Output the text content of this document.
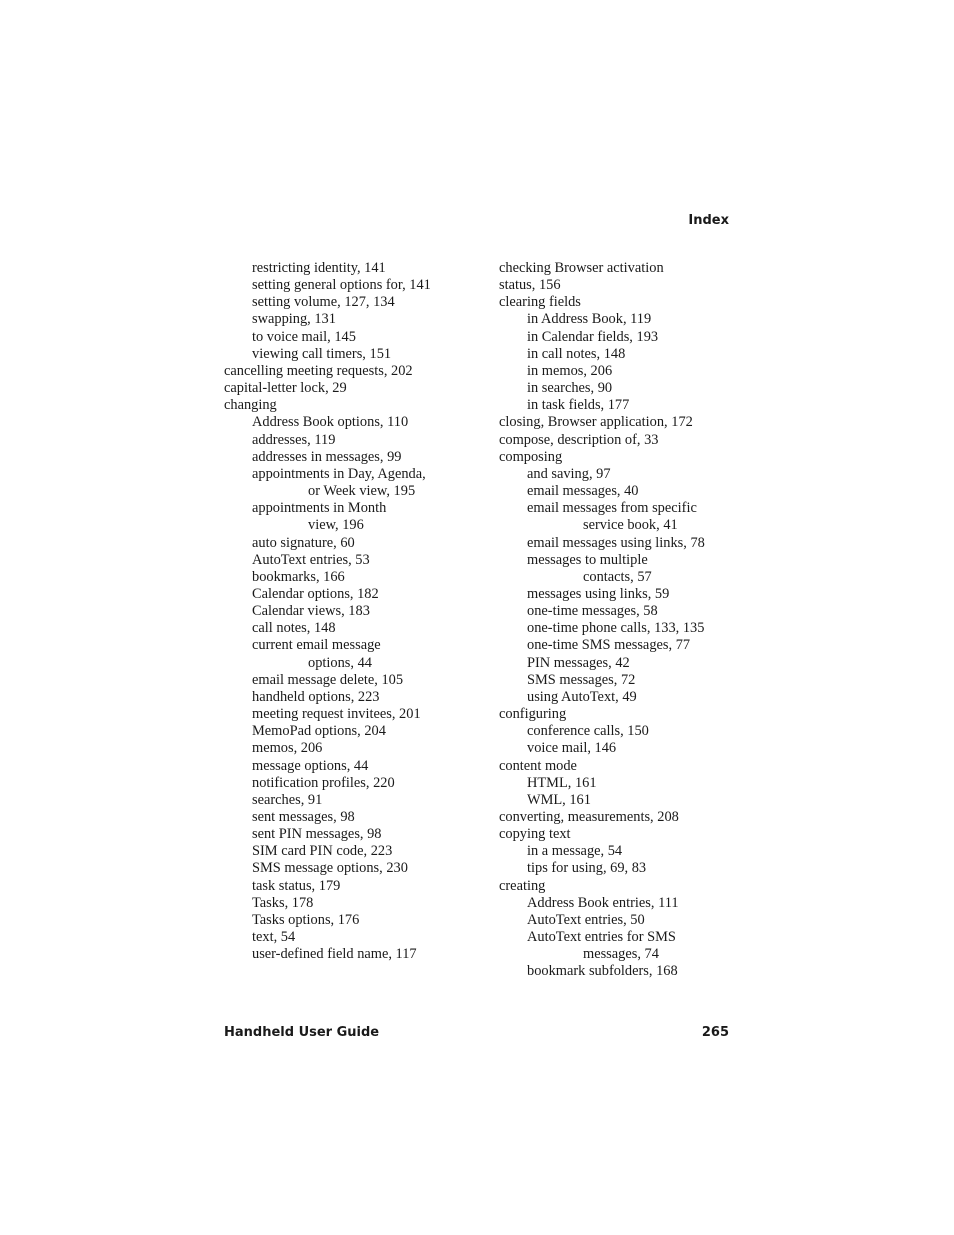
Index
restricting identity, 141
setting general options for, 141
setting volume, 127, 134
swapping, 131
to voice mail, 145
viewing call timers, 151
cancelling meeting requests, 202
capital-letter lock, 29
changing
Address Book options, 110
addresses, 119
addresses in messages, 99
appointments in Day, Agenda,
or Week view, 195
appointments in Month
view, 196
auto signature, 60
AutoText entries, 53
bookmarks, 166
Calendar options, 182
Calendar views, 183
call notes, 148
current email message
options, 44
email message delete, 105
handheld options, 223
meeting request invitees, 201
MemoPad options, 204
memos, 206
message options, 44
notification profiles, 220
searches, 91
sent messages, 98
sent PIN messages, 98
SIM card PIN code, 223
SMS message options, 230
task status, 179
Tasks, 178
Tasks options, 176
text, 54
user-defined field name, 117
checking Browser activation
status, 156
clearing fields
in Address Book, 119
in Calendar fields, 193
in call notes, 148
in memos, 206
in searches, 90
in task fields, 177
closing, Browser application, 172
compose, description of, 33
composing
and saving, 97
email messages, 40
email messages from specific
service book, 41
email messages using links, 78
messages to multiple
contacts, 57
messages using links, 59
one-time messages, 58
one-time phone calls, 133, 135
one-time SMS messages, 77
PIN messages, 42
SMS messages, 72
using AutoText, 49
configuring
conference calls, 150
voice mail, 146
content mode
HTML, 161
WML, 161
converting, measurements, 208
copying text
in a message, 54
tips for using, 69, 83
creating
Address Book entries, 111
AutoText entries, 50
AutoText entries for SMS
messages, 74
bookmark subfolders, 168
Handheld User Guide	265
